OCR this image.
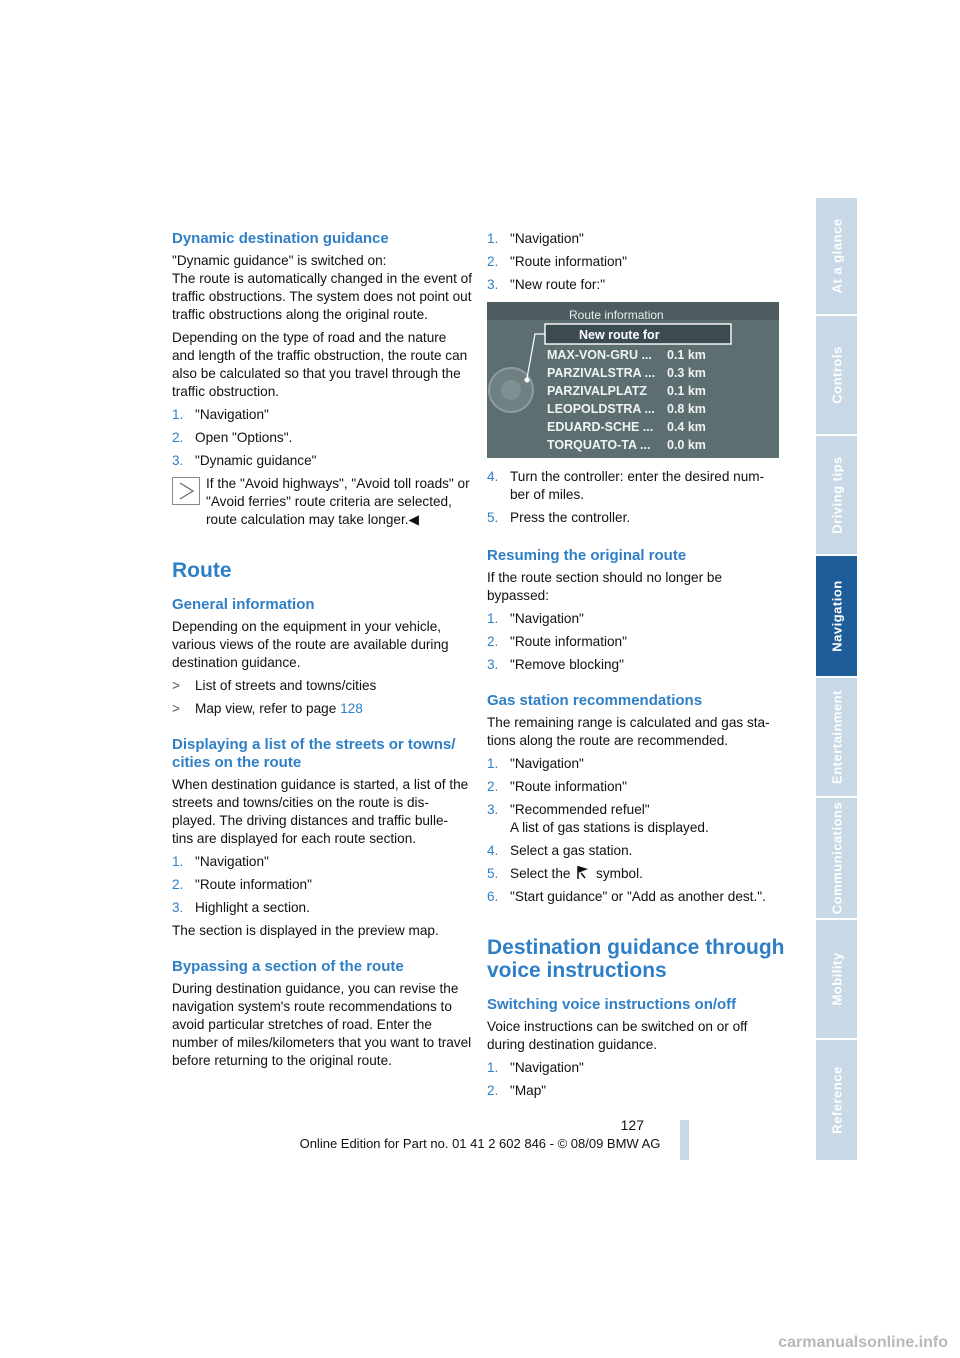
Dynamic destination guidance

"Dynamic guidance" is switched on:

The route is automatically changed in the event of traffic obstructions. The system does not point out traffic obstructions along the original route.

Depending on the type of road and the nature and length of the traffic obstruction, the route can also be calculated so that you travel through the traffic obstruction.

1. "Navigation"
2. Open "Options".
3. "Dynamic guidance"
If the "Avoid highways", "Avoid toll roads" or "Avoid ferries" route criteria are selected, route calculation may take longer.◀
Route
General information

Depending on the equipment in your vehicle, various views of the route are available during destination guidance.

> List of streets and towns/cities
> Map view, refer to page 128
Displaying a list of the streets or towns/ cities on the route

When destination guidance is started, a list of the streets and towns/cities on the route is dis- played. The driving distances and traffic bulle- tins are displayed for each route section.

1. "Navigation"
2. "Route information"
3. Highlight a section.

The section is displayed in the preview map.

Bypassing a section of the route

During destination guidance, you can revise the navigation system's route recommendations to avoid particular stretches of road. Enter the number of miles/kilometers that you want to travel before returning to the original route.

1. "Navigation"
2. "Route information"
3. "New route for:"
Route information
New route for
MAX-VON-GRU ... 0.1 km
PARZIVALSTRA ... 0.3 km
PARZIVALPLATZ 0.1 km
LEOPOLDSTRA ... 0.8 km
EDUARD-SCHE ... 0.4 km
TORQUATO-TA ... 0.0 km
4. Turn the controller: enter the desired num- ber of miles.
5. Press the controller.
Resuming the original route

If the route section should no longer be bypassed:

1. "Navigation"
2. "Route information"
3. "Remove blocking"
Gas station recommendations

The remaining range is calculated and gas sta- tions along the route are recommended.

1. "Navigation"
2. "Route information"
3. "Recommended refuel"
A list of gas stations is displayed.
4. Select a gas station.
5. Select the symbol.
6. "Start guidance" or "Add as another dest.".
Destination guidance through voice instructions
Switching voice instructions on/off

Voice instructions can be switched on or off during destination guidance.

1. "Navigation"
2. "Map"
At a glance
Controls
Driving tips
Navigation
Entertainment
Communications
Mobility
Reference
127
Online Edition for Part no. 01 41 2 602 846 - © 08/09 BMW AG
carmanualsonline.info
